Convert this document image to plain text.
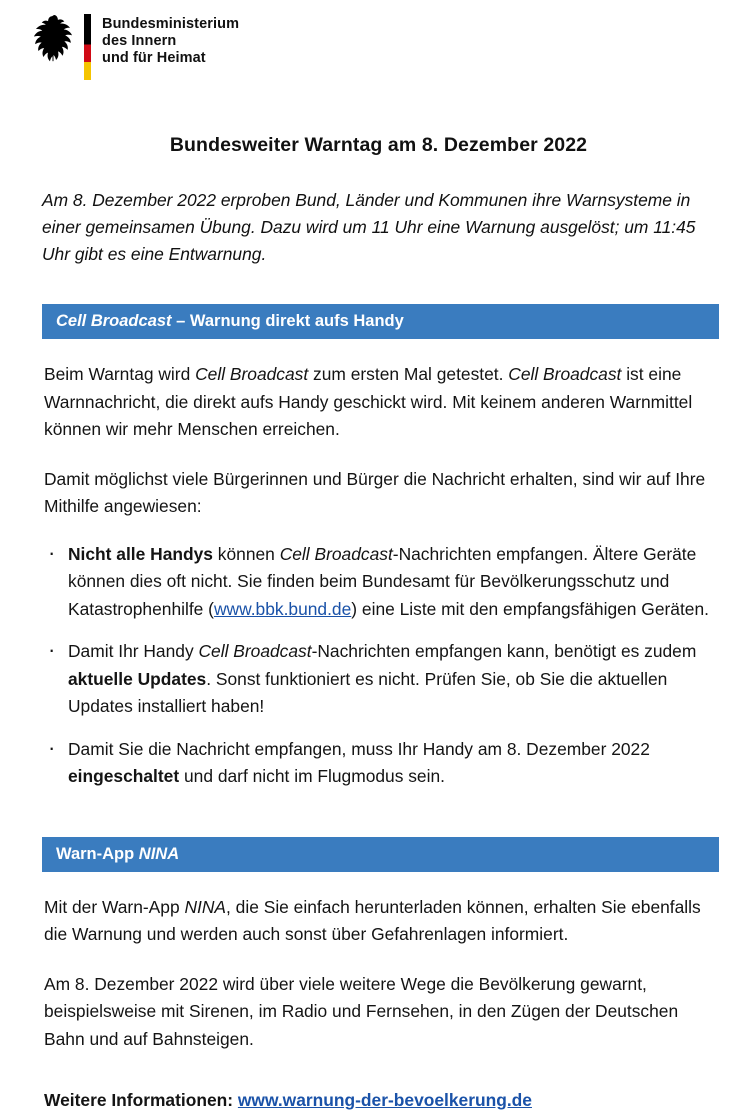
Bundesministerium
des Innern
und für Heimat
Bundesweiter Warntag am 8. Dezember 2022

Am 8. Dezember 2022 erproben Bund, Länder und Kommunen ihre Warnsysteme in einer gemeinsamen Übung. Dazu wird um 11 Uhr eine Warnung ausgelöst; um 11:45 Uhr gibt es eine Entwarnung.

Cell Broadcast – Warnung direkt aufs Handy

Beim Warntag wird Cell Broadcast zum ersten Mal getestet. Cell Broadcast ist eine Warnnachricht, die direkt aufs Handy geschickt wird. Mit keinem anderen Warnmittel können wir mehr Menschen erreichen.

Damit möglichst viele Bürgerinnen und Bürger die Nachricht erhalten, sind wir auf Ihre Mithilfe angewiesen:

· Nicht alle Handys können Cell Broadcast-Nachrichten empfangen. Ältere Geräte können dies oft nicht. Sie finden beim Bundesamt für Bevölkerungsschutz und Katastrophenhilfe (www.bbk.bund.de) eine Liste mit den empfangsfähigen Geräten.
· Damit Ihr Handy Cell Broadcast-Nachrichten empfangen kann, benötigt es zudem aktuelle Updates. Sonst funktioniert es nicht. Prüfen Sie, ob Sie die aktuellen Updates installiert haben!
· Damit Sie die Nachricht empfangen, muss Ihr Handy am 8. Dezember 2022 eingeschaltet und darf nicht im Flugmodus sein.
Warn-App NINA

Mit der Warn-App NINA, die Sie einfach herunterladen können, erhalten Sie ebenfalls die Warnung und werden auch sonst über Gefahrenlagen informiert.

Am 8. Dezember 2022 wird über viele weitere Wege die Bevölkerung gewarnt, beispielsweise mit Sirenen, im Radio und Fernsehen, in den Zügen der Deutschen Bahn und auf Bahnsteigen.

Weitere Informationen: www.warnung-der-bevoelkerung.de
